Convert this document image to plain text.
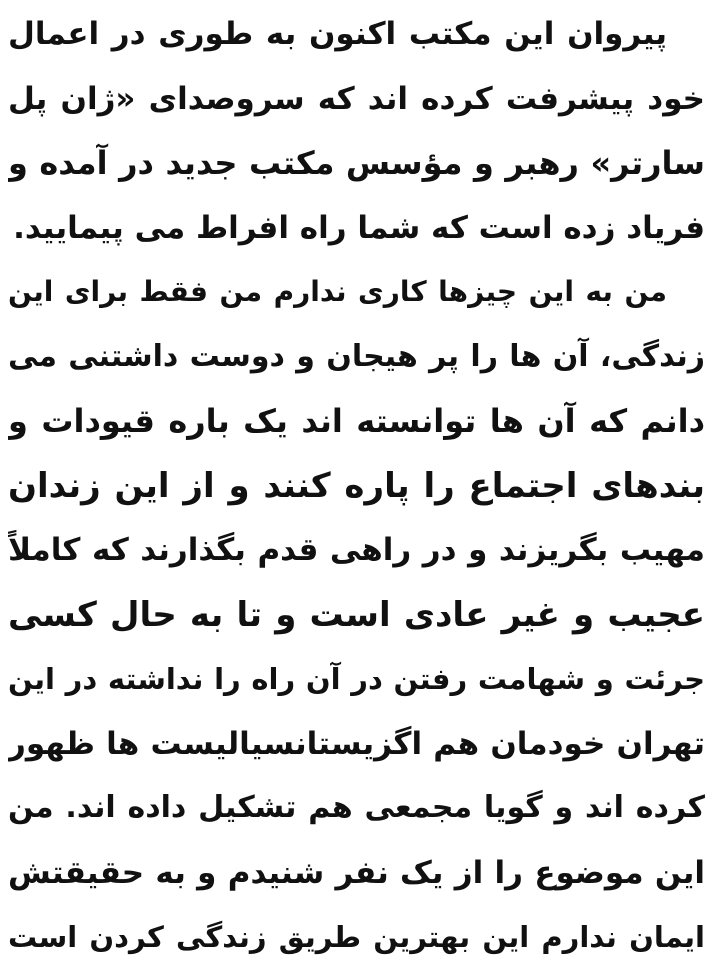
پیروان این مکتب اکنون به طوری در اعمال
خود پیشرفت کرده اند که سروصدای «ژان پل
سارتر» رهبر و مؤسس مکتب جدید در آمده و
فریاد زده است که شما راه افراط می پیمایید.
من به این چیزها کاری ندارم من فقط برای این
زندگی، آن ها را پر هیجان و دوست داشتنی می
دانم که آن ها توانسته اند یک باره قیودات و
بندهای اجتماع را پاره کنند و از این زندان
مهیب بگریزند و در راهی قدم بگذارند که کاملاً
عجیب و غیر عادی است و تا به حال کسی
جرئت و شهامت رفتن در آن راه را نداشته در این
تهران خودمان هم اگزیستانسیالیست ها ظهور
کرده اند و گویا مجمعی هم تشکیل داده اند. من
این موضوع را از یک نفر شنیدم و به حقیقتش
ایمان ندارم این بهترین طریق زندگی کردن است
